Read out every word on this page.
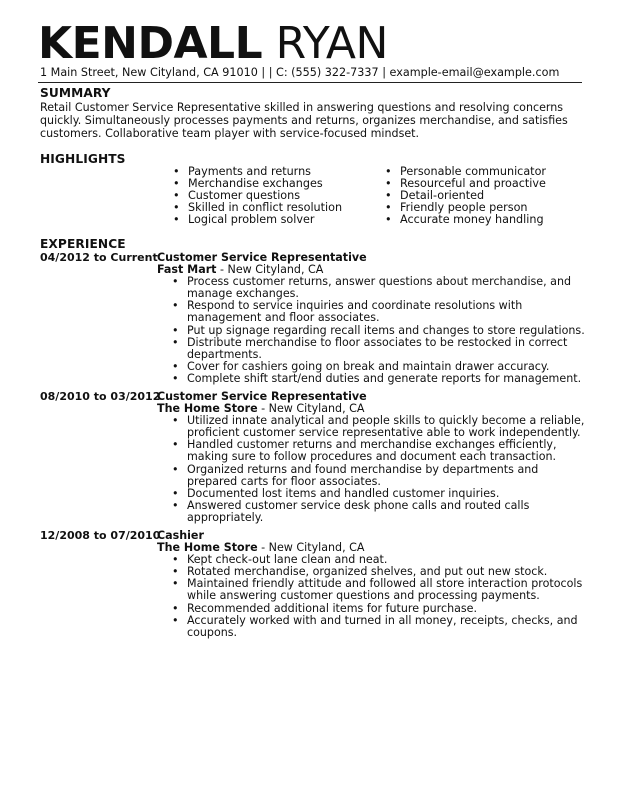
KENDALL RYAN
1 Main Street, New Cityland, CA 91010 | | C: (555) 322-7337 | example-email@example.com
SUMMARY
Retail Customer Service Representative skilled in answering questions and resolving concerns quickly. Simultaneously processes payments and returns, organizes merchandise, and satisfies customers. Collaborative team player with service-focused mindset.
HIGHLIGHTS
• Payments and returns
• Merchandise exchanges
• Customer questions
• Skilled in conflict resolution
• Logical problem solver
• Personable communicator
• Resourceful and proactive
• Detail-oriented
• Friendly people person
• Accurate money handling
EXPERIENCE
04/2012 to Current Customer Service Representative
Fast Mart - New Cityland, CA
• Process customer returns, answer questions about merchandise, and manage exchanges.
• Respond to service inquiries and coordinate resolutions with management and floor associates.
• Put up signage regarding recall items and changes to store regulations.
• Distribute merchandise to floor associates to be restocked in correct departments.
• Cover for cashiers going on break and maintain drawer accuracy.
• Complete shift start/end duties and generate reports for management.
08/2010 to 03/2012
Customer Service Representative
The Home Store - New Cityland, CA
• Utilized innate analytical and people skills to quickly become a reliable, proficient customer service representative able to work independently.
• Handled customer returns and merchandise exchanges efficiently, making sure to follow procedures and document each transaction.
• Organized returns and found merchandise by departments and prepared carts for floor associates.
• Documented lost items and handled customer inquiries.
• Answered customer service desk phone calls and routed calls appropriately.
12/2008 to 07/2010
Cashier
The Home Store - New Cityland, CA
• Kept check-out lane clean and neat.
• Rotated merchandise, organized shelves, and put out new stock.
• Maintained friendly attitude and followed all store interaction protocols while answering customer questions and processing payments.
• Recommended additional items for future purchase.
• Accurately worked with and turned in all money, receipts, checks, and coupons.
